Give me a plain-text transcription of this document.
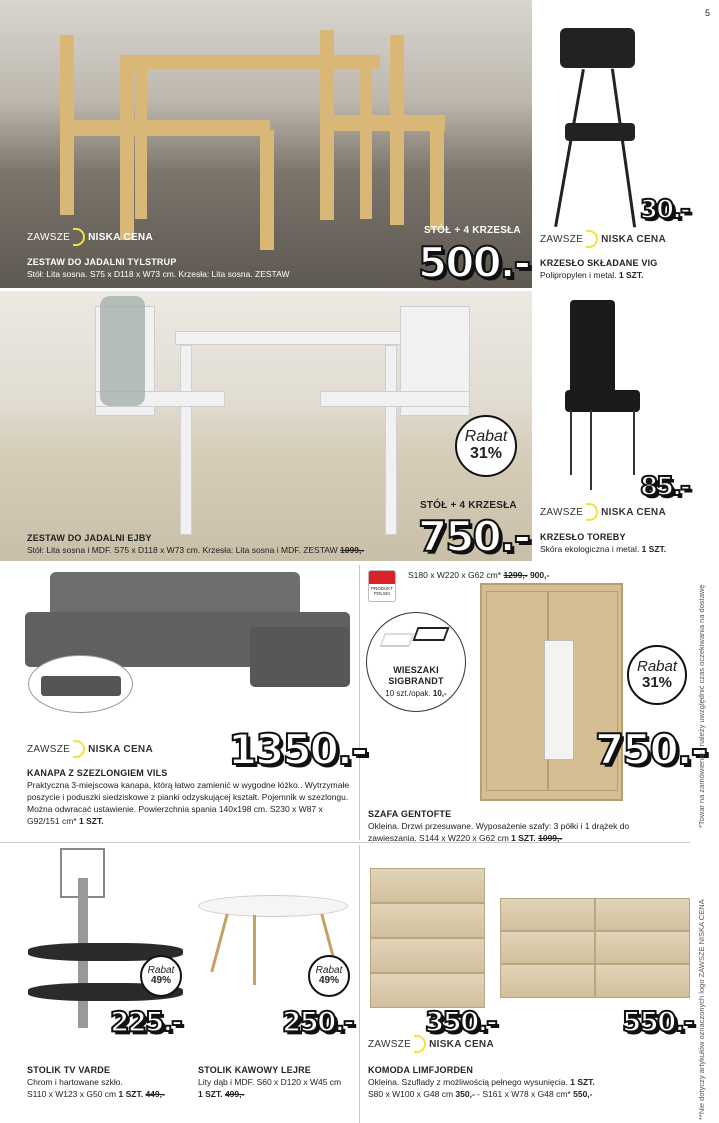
ZAWSZE NISKA CENA
ZESTAW DO JADALNI TYLSTRUP
Stół: Lita sosna. S75 x D118 x W73 cm. Krzesła: Lita sosna. ZESTAW
STÓŁ + 4 KRZESŁA
500.-
5
30.-
ZAWSZE NISKA CENA
KRZESŁO SKŁADANE VIG
Polipropylen i metal. 1 SZT.
Rabat
31%
STÓŁ + 4 KRZESŁA
750.-
ZESTAW DO JADALNI EJBY
Stół: Lita sosna i MDF. S75 x D118 x W73 cm. Krzesła: Lita sosna i MDF. ZESTAW 1099,-
85.-
ZAWSZE NISKA CENA
KRZESŁO TOREBY
Skóra ekologiczna i metal. 1 SZT.
ZAWSZE NISKA CENA 1350.-
KANAPA Z SZEZLONGIEM VILS
Praktyczna 3-miejscowa kanapa, którą łatwo zamienić w wygodne łóżko.. Wytrzymałe poszycie i poduszki siedziskowe z pianki odzyskującej kształt. Pojemnik w szezlongu. Można odwracać ustawienie. Powierzchnia spania 140x198 cm. S230 x W87 x G92/151 cm* 1 SZT.
PRODUKT POLSKI
S180 x W220 x G62 cm* 1299,- 900,-
WIESZAKI
SIGBRANDT
10 szt./opak. 10,-
Rabat
31%
750.-
SZAFA GENTOFTE
Okleina. Drzwi przesuwane. Wyposażenie szafy: 3 półki i 1 drążek do zawieszania. S144 x W220 x G62 cm 1 SZT. 1099,-
Rabat
49%
225.-
STOLIK TV VARDE
Chrom i hartowane szkło.
S110 x W123 x G50 cm 1 SZT. 449,-
Rabat
49%
250.-
STOLIK KAWOWY LEJRE
Lity dąb i MDF. S60 x D120 x W45 cm
1 SZT. 499,-
350.-	550.-
ZAWSZE NISKA CENA
KOMODA LIMFJORDEN
Okleina. Szuflady z możliwością pełnego wysunięcia. 1 SZT.
S80 x W100 x G48 cm 350,- - S161 x W78 x G48 cm* 550,-
*Towar na zamówienie - należy uwzględnić czas oczekiwania na dostawę
**Nie dotyczy artykułów oznaczonych logo ZAWSZE NISKA CENA
